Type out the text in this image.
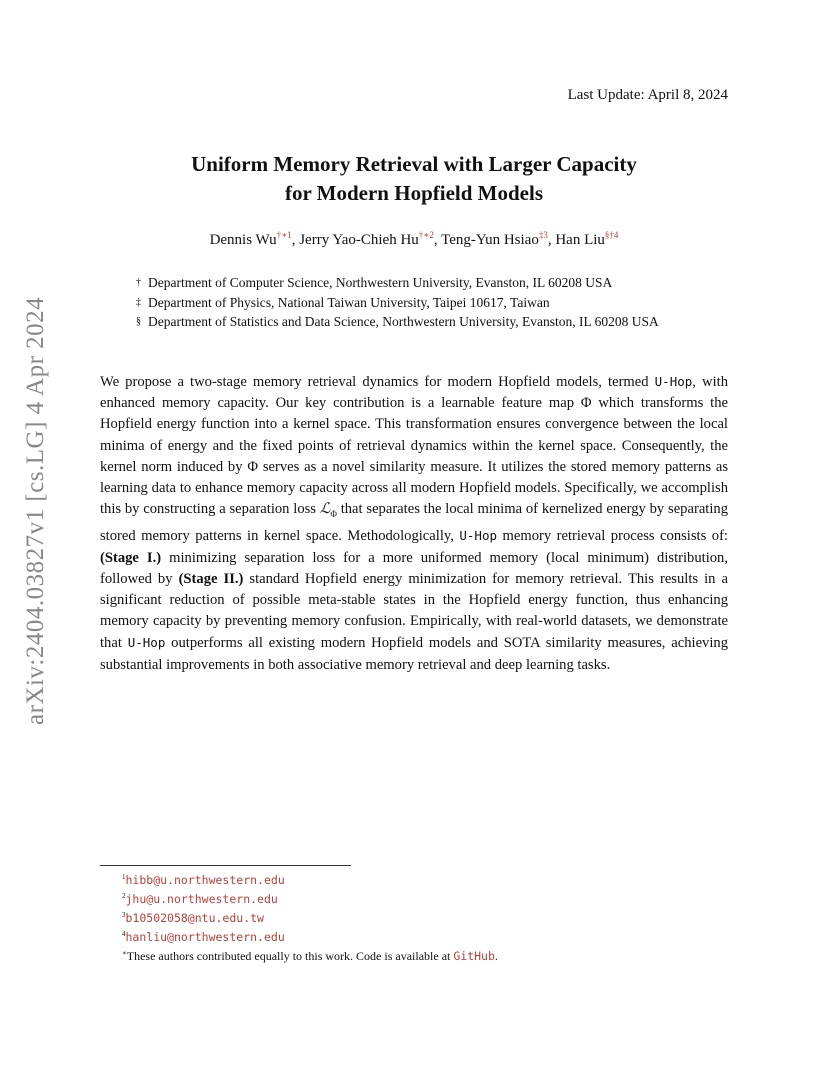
Last Update: April 8, 2024
arXiv:2404.03827v1 [cs.LG] 4 Apr 2024
Uniform Memory Retrieval with Larger Capacity
for Modern Hopfield Models
Dennis $Wu^{\dagger∗1}$, Jerry Yao-Chieh $Hu^{\dagger∗2}$, Teng-Yun Hsiao$^{\ddagger 3}$, Han Liu$^{\S\dagger 4}$
† Department of Computer Science, Northwestern University, Evanston, IL 60208 USA
‡ Department of Physics, National Taiwan University, Taipei 10617, Taiwan
§ Department of Statistics and Data Science, Northwestern University, Evanston, IL 60208 USA
We propose a two-stage memory retrieval dynamics for modern Hopfield models, termed U-Hop, with enhanced memory capacity. Our key contribution is a learnable feature map Φ which transforms the Hopfield energy function into a kernel space. This transformation ensures convergence between the local minima of energy and the fixed points of retrieval dynamics within the kernel space. Consequently, the kernel norm induced by Φ serves as a novel similarity measure. It utilizes the stored memory patterns as learning data to enhance memory capacity across all modern Hopfield models. Specifically, we accomplish this by constructing a separation loss ℒ$_\Phi$ that separates the local minima of kernelized energy by separating stored memory patterns in kernel space. Methodologically, U-Hop memory retrieval process consists of: (Stage I.) minimizing separation loss for a more uniformed memory (local minimum) distribution, followed by (Stage II.) standard Hopfield energy minimization for memory retrieval. This results in a significant reduction of possible meta-stable states in the Hopfield energy function, thus enhancing memory capacity by preventing memory confusion. Empirically, with real-world datasets, we demonstrate that U-Hop outperforms all existing modern Hopfield models and SOTA similarity measures, achieving substantial improvements in both associative memory retrieval and deep learning tasks.
$^1$hibb@u.northwestern.edu
$^2$jhu@u.northwestern.edu
$^3$b10502058@ntu.edu.tw
$^4$hanliu@northwestern.edu
∗These authors contributed equally to this work. Code is available at GitHub.
